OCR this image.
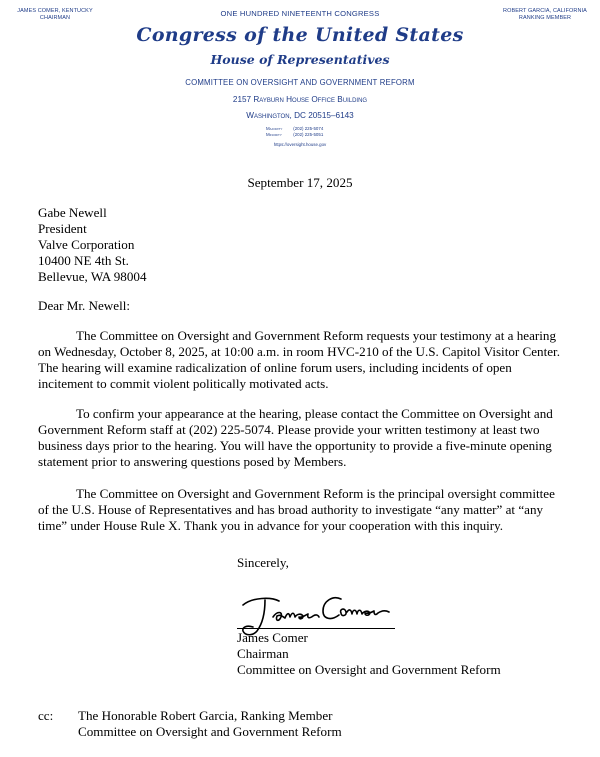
JAMES COMER, KENTUCKY
CHAIRMAN	ONE HUNDRED NINETEENTH CONGRESS	ROBERT GARCIA, CALIFORNIA
RANKING MEMBER
Congress of the United States
House of Representatives
COMMITTEE ON OVERSIGHT AND GOVERNMENT REFORM
2157 Rayburn House Office Building
Washington, DC 20515–6143
Majority (202) 225-5074
Minority	(202) 225-5051
https://oversight.house.gov
September 17, 2025
Gabe Newell
President
Valve Corporation
10400 NE 4th St.
Bellevue, WA 98004
Dear Mr. Newell:

The Committee on Oversight and Government Reform requests your testimony at a hearing on Wednesday, October 8, 2025, at 10:00 a.m. in room HVC-210 of the U.S. Capitol Visitor Center. The hearing will examine radicalization of online forum users, including incidents of open incitement to commit violent politically motivated acts.

To confirm your appearance at the hearing, please contact the Committee on Oversight and Government Reform staff at (202) 225-5074. Please provide your written testimony at least two business days prior to the hearing. You will have the opportunity to provide a five-minute opening statement prior to answering questions posed by Members.

The Committee on Oversight and Government Reform is the principal oversight committee of the U.S. House of Representatives and has broad authority to investigate “any matter” at “any time” under House Rule X. Thank you in advance for your cooperation with this inquiry.

Sincerely,
James Comer
Chairman
Committee on Oversight and Government Reform
cc: The Honorable Robert Garcia, Ranking Member
Committee on Oversight and Government Reform
